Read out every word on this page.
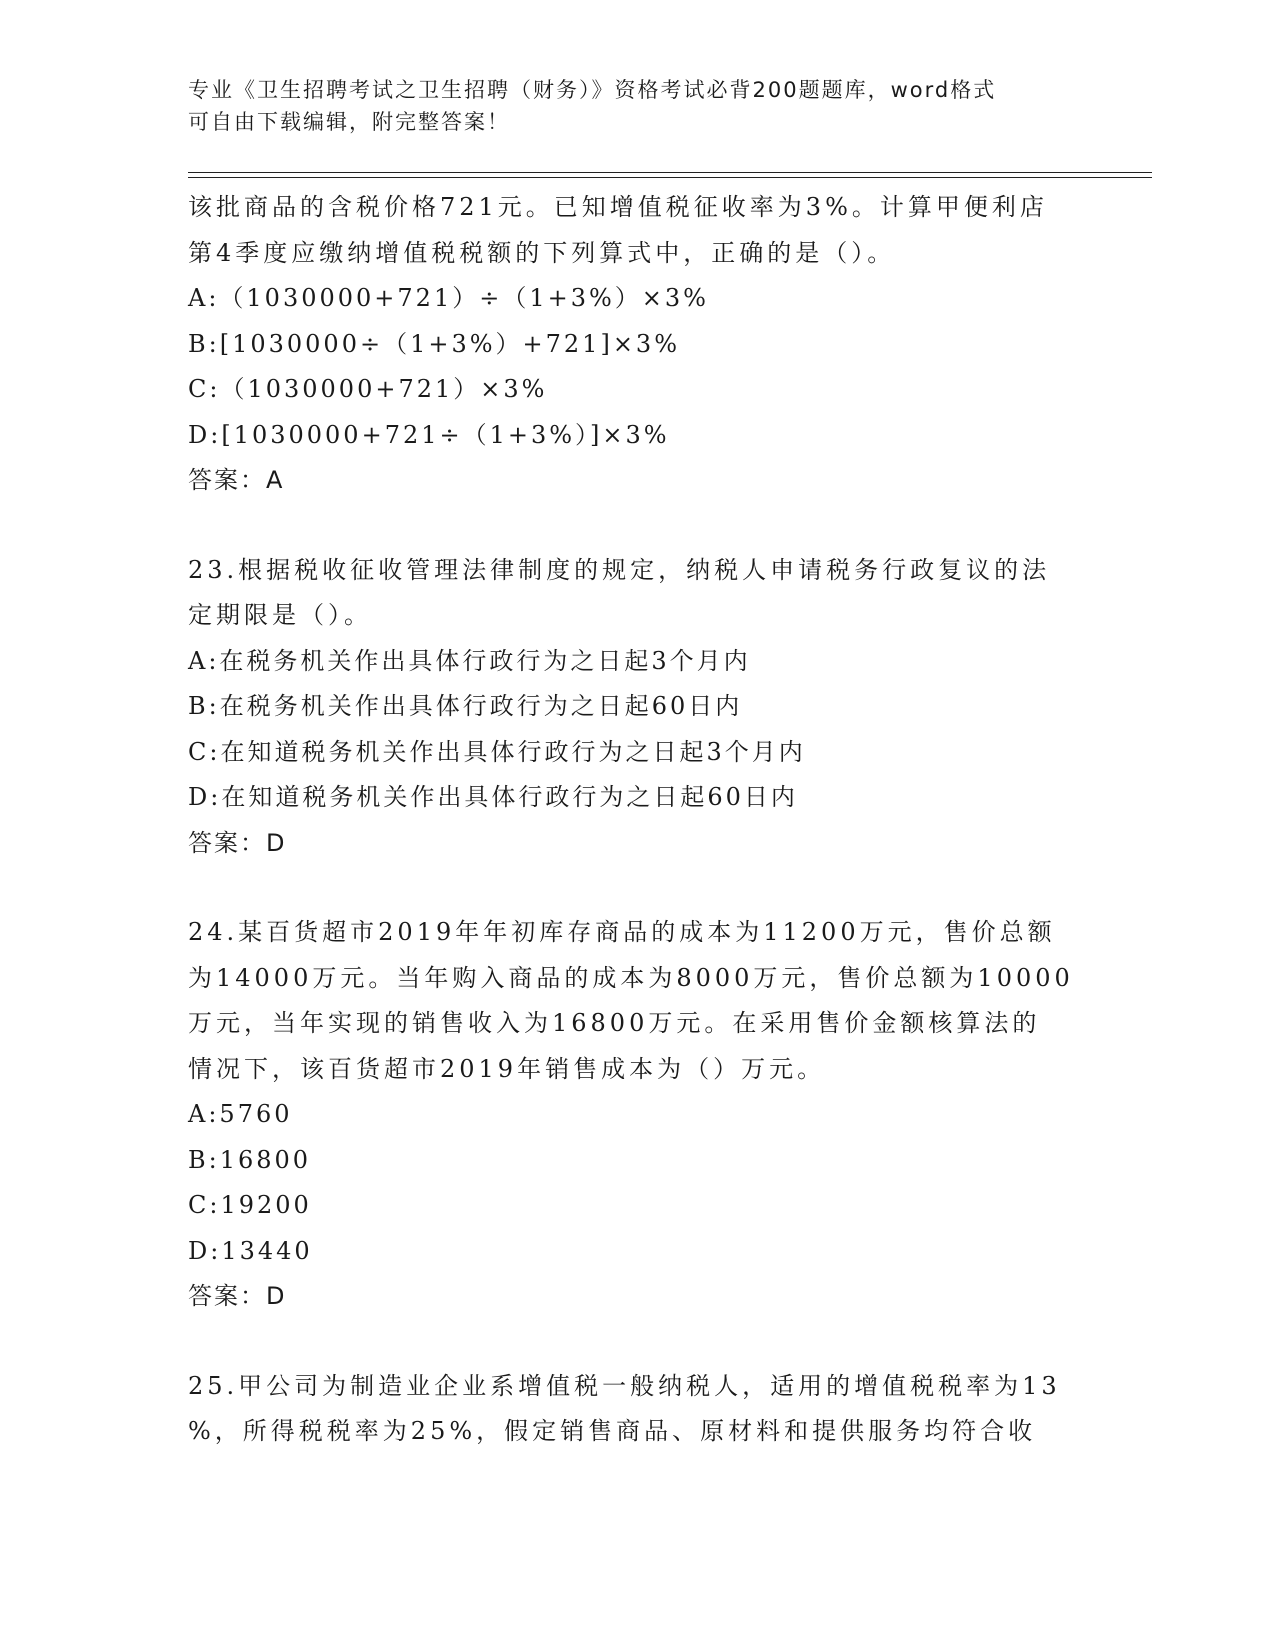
专业《卫生招聘考试之卫生招聘（财务）》资格考试必背200题题库，word格式
可自由下载编辑，附完整答案！
该批商品的含税价格721元。已知增值税征收率为3%。计算甲便利店
第4季度应缴纳增值税税额的下列算式中，正确的是（）。
A:（1030000+721）÷（1+3%）×3%
B:[1030000÷（1+3%）+721]×3%
C:（1030000+721）×3%
D:[1030000+721÷（1+3%）]×3%
答案：A
23.根据税收征收管理法律制度的规定，纳税人申请税务行政复议的法
定期限是（）。
A:在税务机关作出具体行政行为之日起3个月内
B:在税务机关作出具体行政行为之日起60日内
C:在知道税务机关作出具体行政行为之日起3个月内
D:在知道税务机关作出具体行政行为之日起60日内
答案：D
24.某百货超市2019年年初库存商品的成本为11200万元，售价总额
为14000万元。当年购入商品的成本为8000万元，售价总额为10000
万元，当年实现的销售收入为16800万元。在采用售价金额核算法的
情况下，该百货超市2019年销售成本为（）万元。
A:5760
B:16800
C:19200
D:13440
答案：D
25.甲公司为制造业企业系增值税一般纳税人，适用的增值税税率为13
%，所得税税率为25%，假定销售商品、原材料和提供服务均符合收
